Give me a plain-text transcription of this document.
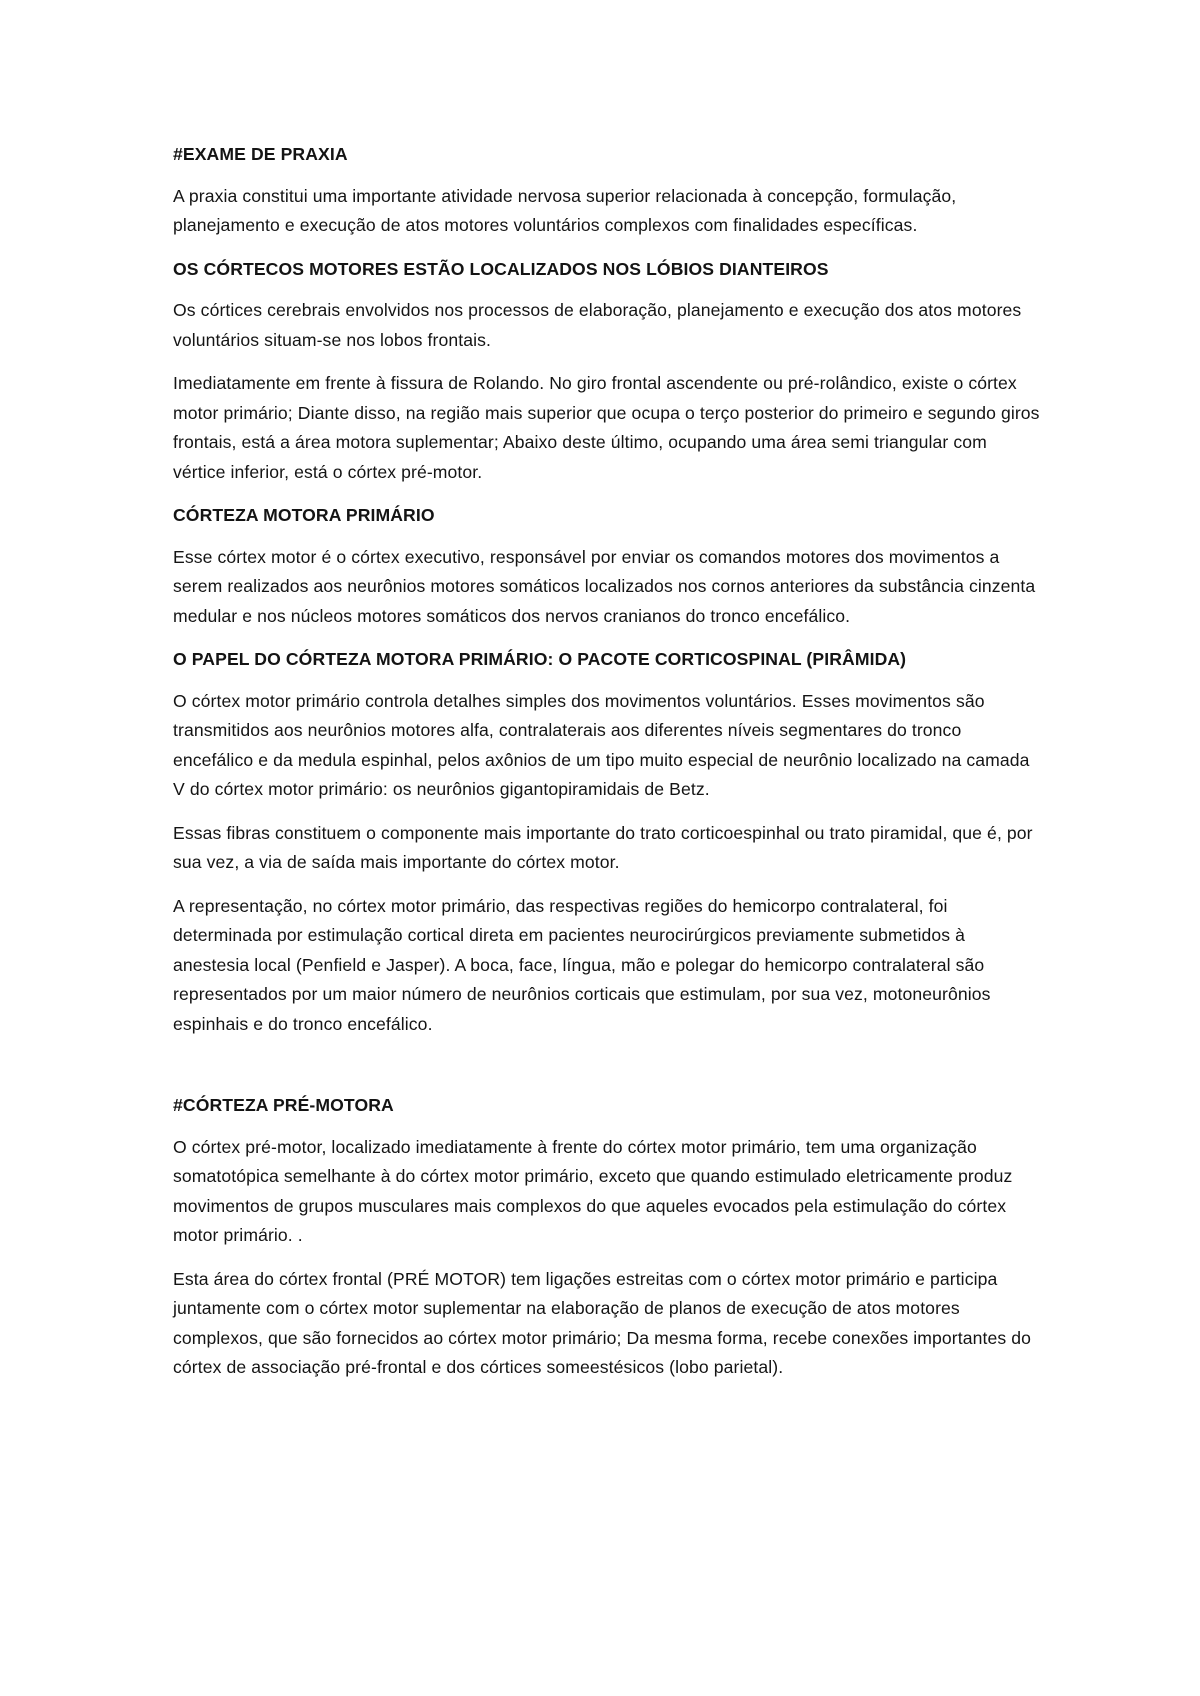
#EXAME DE PRAXIA
A praxia constitui uma importante atividade nervosa superior relacionada à concepção, formulação, planejamento e execução de atos motores voluntários complexos com finalidades específicas.
OS CÓRTECOS MOTORES ESTÃO LOCALIZADOS NOS LÓBIOS DIANTEIROS
Os córtices cerebrais envolvidos nos processos de elaboração, planejamento e execução dos atos motores voluntários situam-se nos lobos frontais.
Imediatamente em frente à fissura de Rolando. No giro frontal ascendente ou pré-rolândico, existe o córtex motor primário; Diante disso, na região mais superior que ocupa o terço posterior do primeiro e segundo giros frontais, está a área motora suplementar; Abaixo deste último, ocupando uma área semi triangular com vértice inferior, está o córtex pré-motor.
CÓRTEZA MOTORA PRIMÁRIO
Esse córtex motor é o córtex executivo, responsável por enviar os comandos motores dos movimentos a serem realizados aos neurônios motores somáticos localizados nos cornos anteriores da substância cinzenta medular e nos núcleos motores somáticos dos nervos cranianos do tronco encefálico.
O PAPEL DO CÓRTEZA MOTORA PRIMÁRIO: O PACOTE CORTICOSPINAL (PIRÂMIDA)
O córtex motor primário controla detalhes simples dos movimentos voluntários. Esses movimentos são transmitidos aos neurônios motores alfa, contralaterais aos diferentes níveis segmentares do tronco encefálico e da medula espinhal, pelos axônios de um tipo muito especial de neurônio localizado na camada V do córtex motor primário: os neurônios gigantopiramidais de Betz.
Essas fibras constituem o componente mais importante do trato corticoespinhal ou trato piramidal, que é, por sua vez, a via de saída mais importante do córtex motor.
A representação, no córtex motor primário, das respectivas regiões do hemicorpo contralateral, foi determinada por estimulação cortical direta em pacientes neurocirúrgicos previamente submetidos à anestesia local (Penfield e Jasper). A boca, face, língua, mão e polegar do hemicorpo contralateral são representados por um maior número de neurônios corticais que estimulam, por sua vez, motoneurônios espinhais e do tronco encefálico.
#CÓRTEZA PRÉ-MOTORA
O córtex pré-motor, localizado imediatamente à frente do córtex motor primário, tem uma organização somatotópica semelhante à do córtex motor primário, exceto que quando estimulado eletricamente produz movimentos de grupos musculares mais complexos do que aqueles evocados pela estimulação do córtex motor primário. .
Esta área do córtex frontal (PRÉ MOTOR) tem ligações estreitas com o córtex motor primário e participa juntamente com o córtex motor suplementar na elaboração de planos de execução de atos motores complexos, que são fornecidos ao córtex motor primário; Da mesma forma, recebe conexões importantes do córtex de associação pré-frontal e dos córtices someestésicos (lobo parietal).
